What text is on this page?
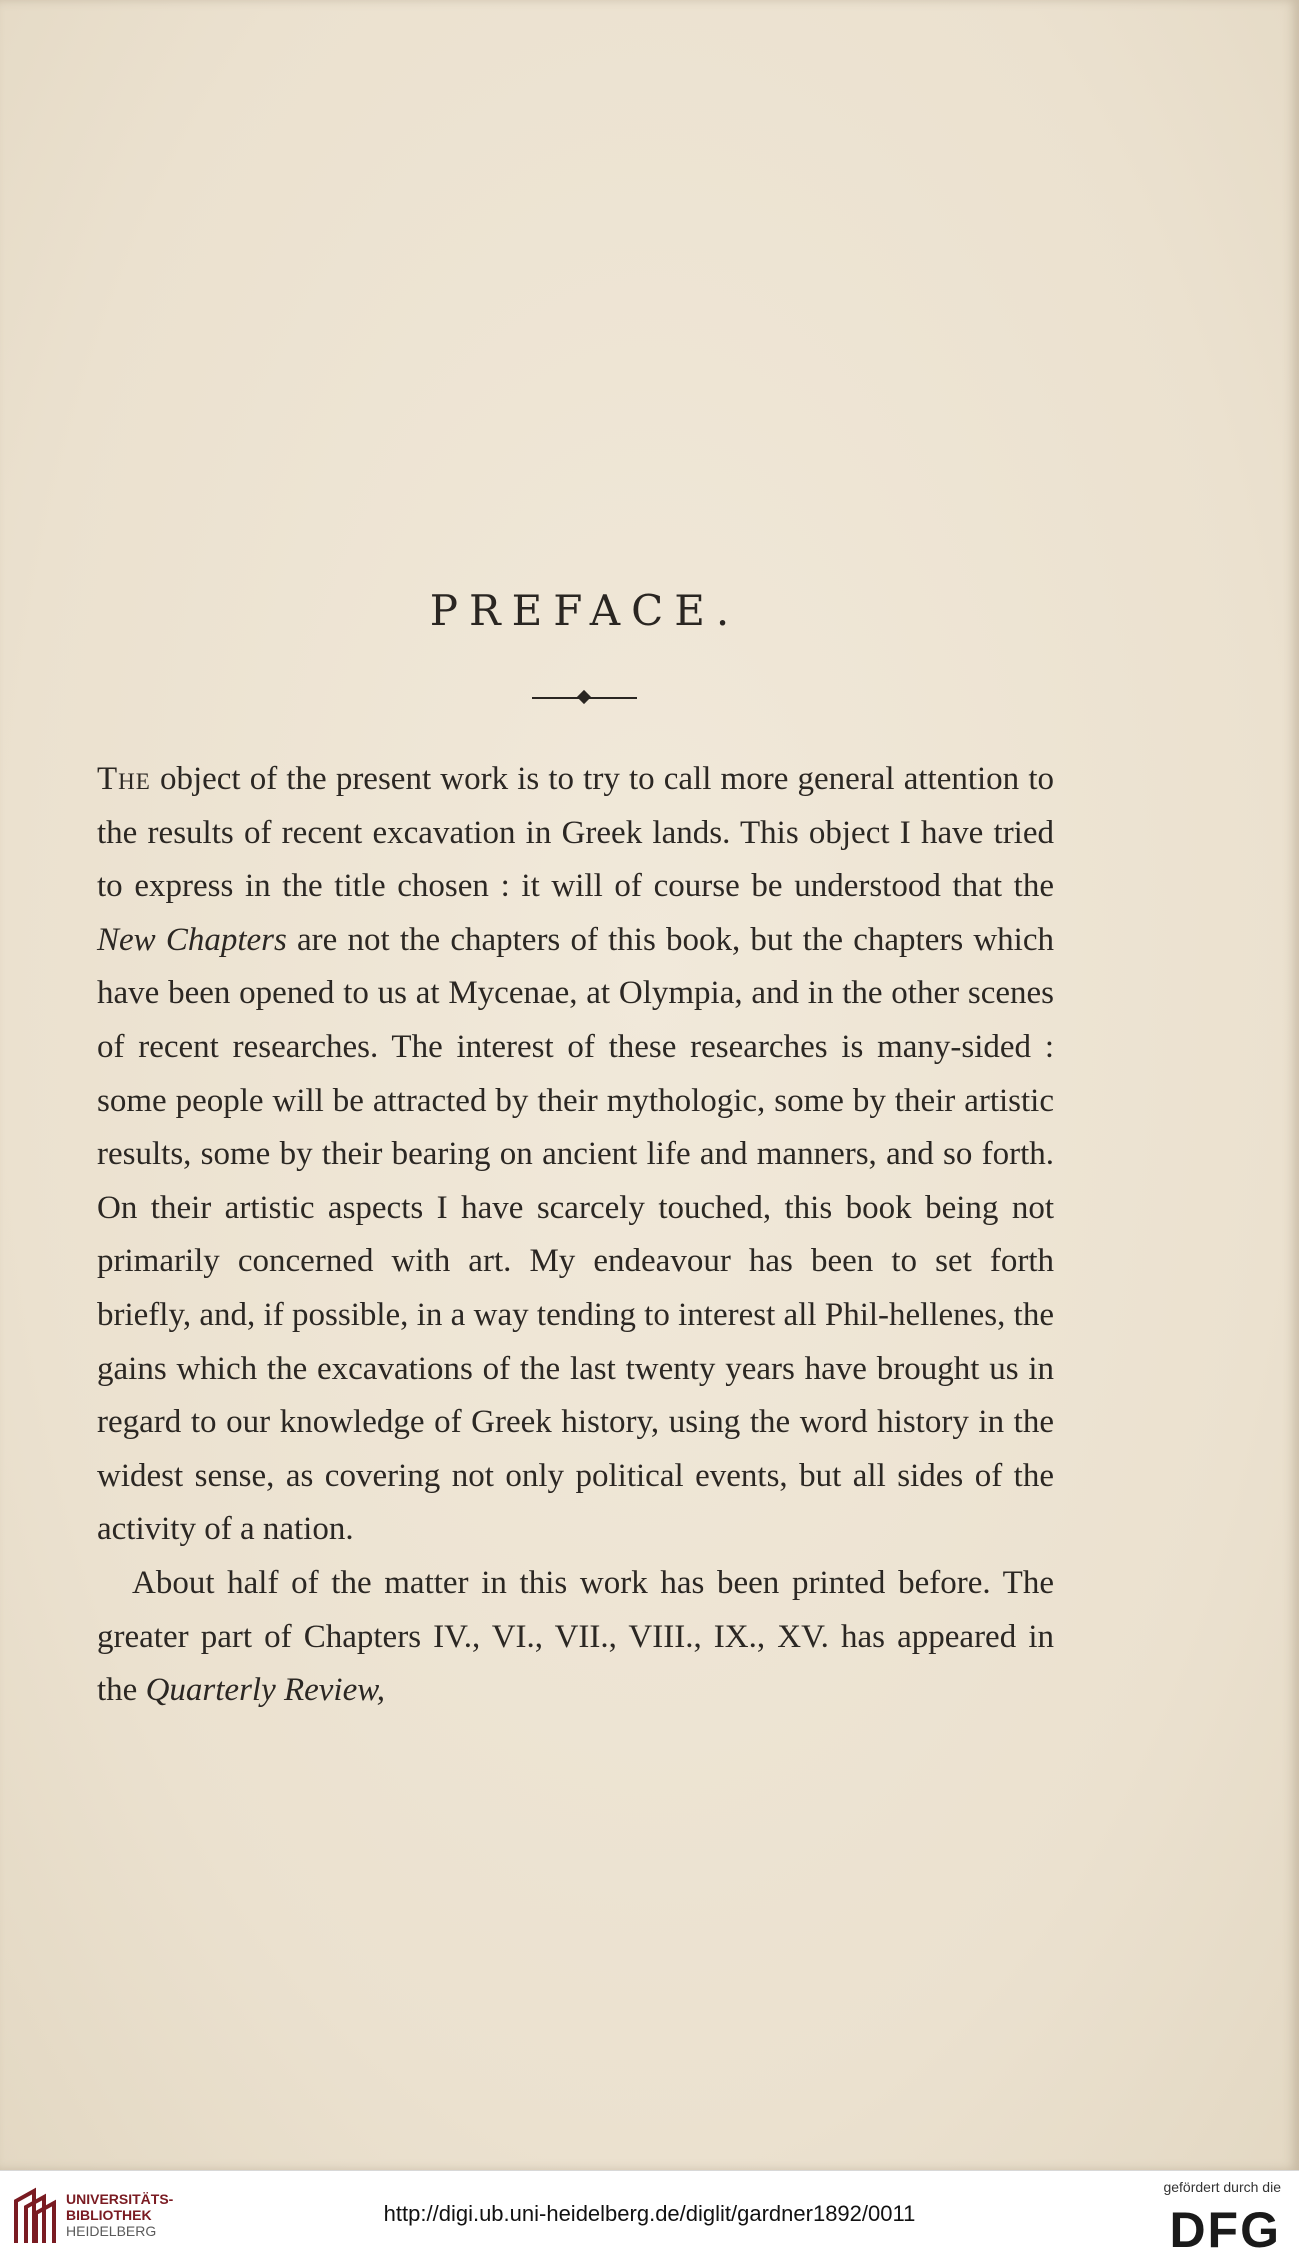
PREFACE.

The object of the present work is to try to call more general attention to the results of recent excavation in Greek lands. This object I have tried to express in the title chosen : it will of course be understood that the New Chapters are not the chapters of this book, but the chapters which have been opened to us at Mycenae, at Olympia, and in the other scenes of recent researches. The interest of these researches is many-sided : some people will be attracted by their mythologic, some by their artistic results, some by their bearing on ancient life and manners, and so forth. On their artistic aspects I have scarcely touched, this book being not primarily concerned with art. My endeavour has been to set forth briefly, and, if possible, in a way tending to interest all Phil-hellenes, the gains which the excavations of the last twenty years have brought us in regard to our knowledge of Greek history, using the word history in the widest sense, as covering not only political events, but all sides of the activity of a nation.

About half of the matter in this work has been printed before. The greater part of Chapters IV., VI., VII., VIII., IX., XV. has appeared in the Quarterly Review,

UNIVERSITÄTS-
BIBLIOTHEK
HEIDELBERG
http://digi.ub.uni-heidelberg.de/diglit/gardner1892/0011
gefördert durch die
DFG
